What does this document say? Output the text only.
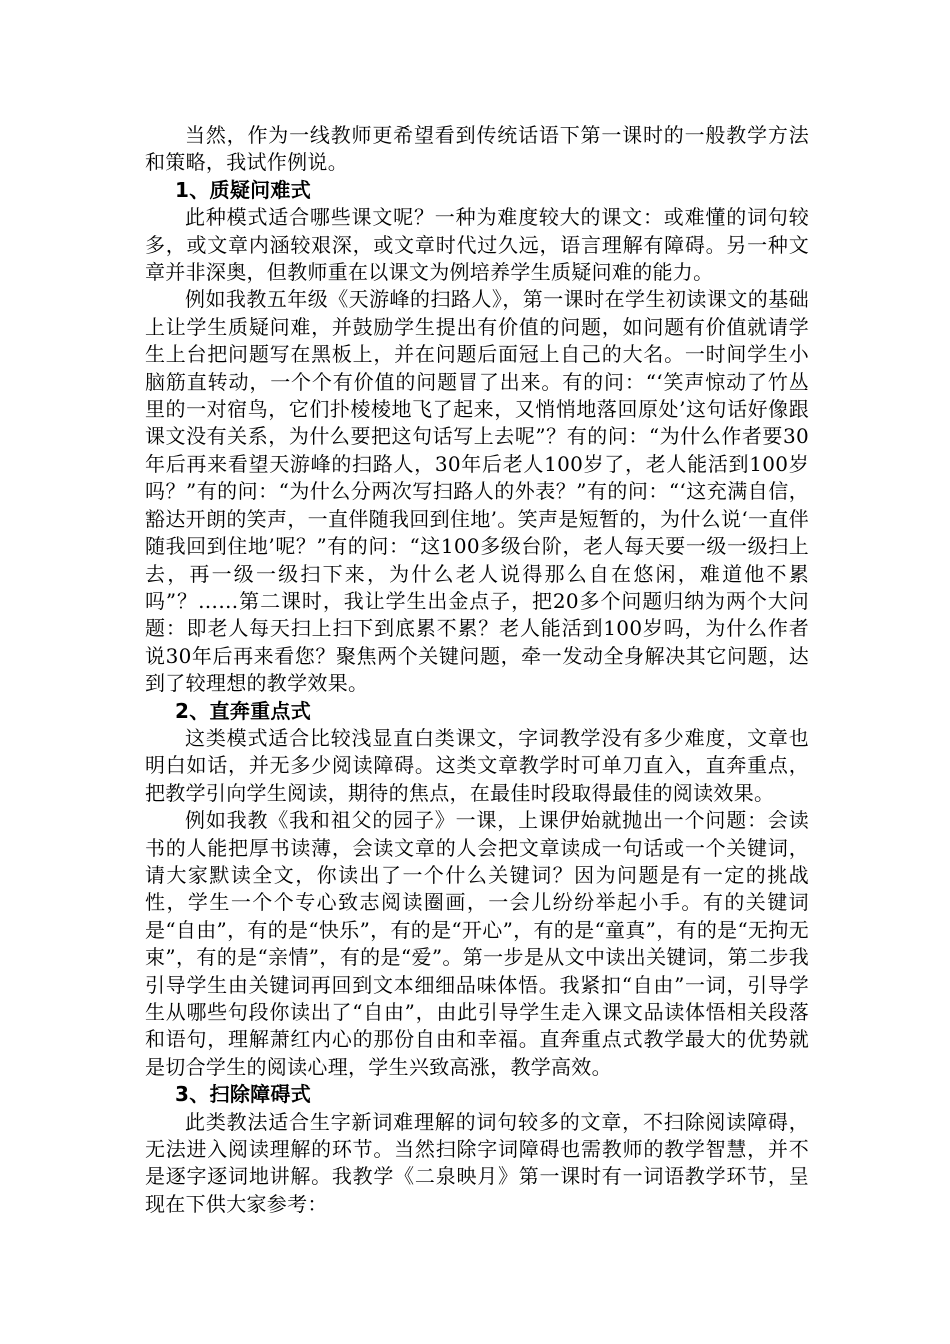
当然，作为一线教师更希望看到传统话语下第一课时的一般教学方法和策略，我试作例说。

1、质疑问难式

此种模式适合哪些课文呢？一种为难度较大的课文：或难懂的词句较多，或文章内涵较艰深，或文章时代过久远，语言理解有障碍。另一种文章并非深奥，但教师重在以课文为例培养学生质疑问难的能力。

例如我教五年级《天游峰的扫路人》，第一课时在学生初读课文的基础上让学生质疑问难，并鼓励学生提出有价值的问题，如问题有价值就请学生上台把问题写在黑板上，并在问题后面冠上自己的大名。一时间学生小脑筋直转动，一个个有价值的问题冒了出来。有的问：“‘笑声惊动了竹丛里的一对宿鸟，它们扑棱棱地飞了起来，又悄悄地落回原处’这句话好像跟课文没有关系，为什么要把这句话写上去呢”？有的问：“为什么作者要30年后再来看望天游峰的扫路人，30年后老人100岁了，老人能活到100岁吗？”有的问：“为什么分两次写扫路人的外表？”有的问：“‘这充满自信，豁达开朗的笑声，一直伴随我回到住地’。笑声是短暂的，为什么说‘一直伴随我回到住地’呢？”有的问：“这100多级台阶，老人每天要一级一级扫上去，再一级一级扫下来，为什么老人说得那么自在悠闲，难道他不累吗”？……第二课时，我让学生出金点子，把20多个问题归纳为两个大问题：即老人每天扫上扫下到底累不累？老人能活到100岁吗，为什么作者说30年后再来看您？聚焦两个关键问题，牵一发动全身解决其它问题，达到了较理想的教学效果。

2、直奔重点式

这类模式适合比较浅显直白类课文，字词教学没有多少难度，文章也明白如话，并无多少阅读障碍。这类文章教学时可单刀直入，直奔重点，把教学引向学生阅读，期待的焦点，在最佳时段取得最佳的阅读效果。

例如我教《我和祖父的园子》一课，上课伊始就抛出一个问题：会读书的人能把厚书读薄，会读文章的人会把文章读成一句话或一个关键词，请大家默读全文，你读出了一个什么关键词？因为问题是有一定的挑战性，学生一个个专心致志阅读圈画，一会儿纷纷举起小手。有的关键词是“自由”，有的是“快乐”，有的是“开心”，有的是“童真”，有的是“无拘无束”，有的是“亲情”，有的是“爱”。第一步是从文中读出关键词，第二步我引导学生由关键词再回到文本细细品味体悟。我紧扣“自由”一词，引导学生从哪些句段你读出了“自由”，由此引导学生走入课文品读体悟相关段落和语句，理解萧红内心的那份自由和幸福。直奔重点式教学最大的优势就是切合学生的阅读心理，学生兴致高涨，教学高效。

3、扫除障碍式

此类教法适合生字新词难理解的词句较多的文章，不扫除阅读障碍，无法进入阅读理解的环节。当然扫除字词障碍也需教师的教学智慧，并不是逐字逐词地讲解。我教学《二泉映月》第一课时有一词语教学环节，呈现在下供大家参考：
